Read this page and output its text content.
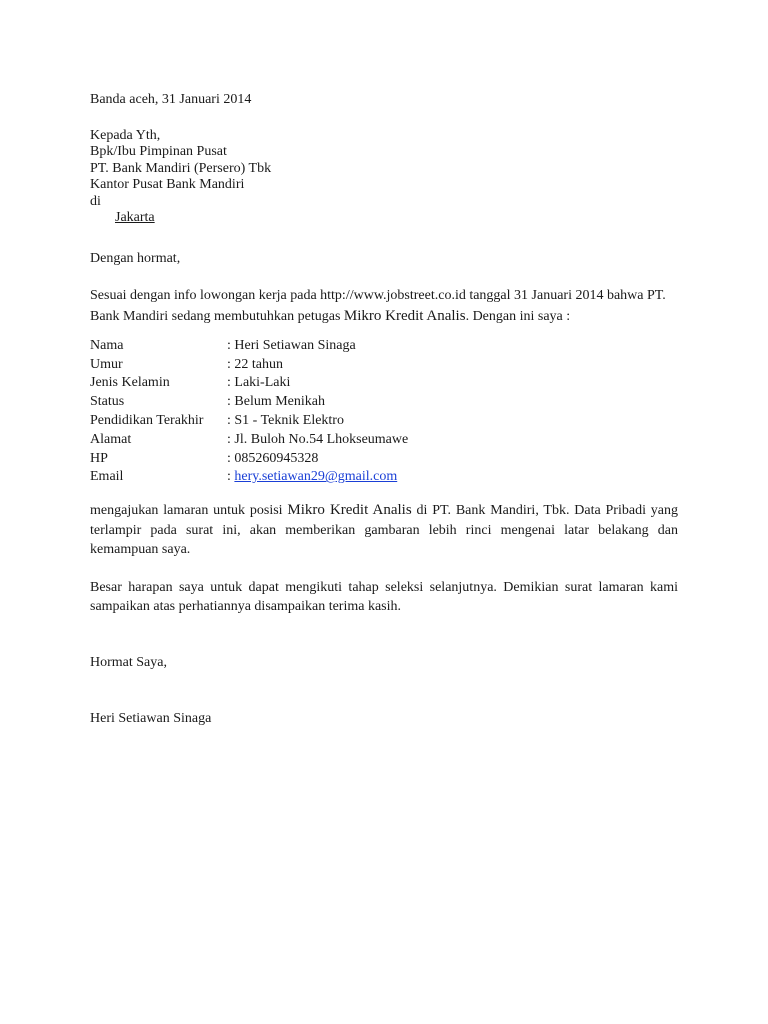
Banda aceh, 31 Januari 2014
Kepada Yth,
Bpk/Ibu Pimpinan Pusat
PT. Bank Mandiri (Persero) Tbk
Kantor Pusat Bank Mandiri
di
Jakarta
Dengan hormat,
Sesuai dengan info lowongan kerja pada http://www.jobstreet.co.id tanggal 31 Januari 2014 bahwa PT. Bank Mandiri sedang membutuhkan petugas Mikro Kredit Analis. Dengan ini saya :
Nama	: Heri Setiawan Sinaga
Umur	: 22 tahun
Jenis Kelamin	: Laki-Laki
Status	: Belum Menikah
Pendidikan Terakhir	: S1 - Teknik Elektro
Alamat	: Jl. Buloh No.54 Lhokseumawe
HP	: 085260945328
Email	: hery.setiawan29@gmail.com
mengajukan lamaran untuk posisi Mikro Kredit Analis di PT. Bank Mandiri, Tbk. Data Pribadi yang terlampir pada surat ini, akan memberikan gambaran lebih rinci mengenai latar belakang dan kemampuan saya.
Besar harapan saya untuk dapat mengikuti tahap seleksi selanjutnya. Demikian surat lamaran kami sampaikan atas perhatiannya disampaikan terima kasih.
Hormat Saya,
Heri Setiawan Sinaga
